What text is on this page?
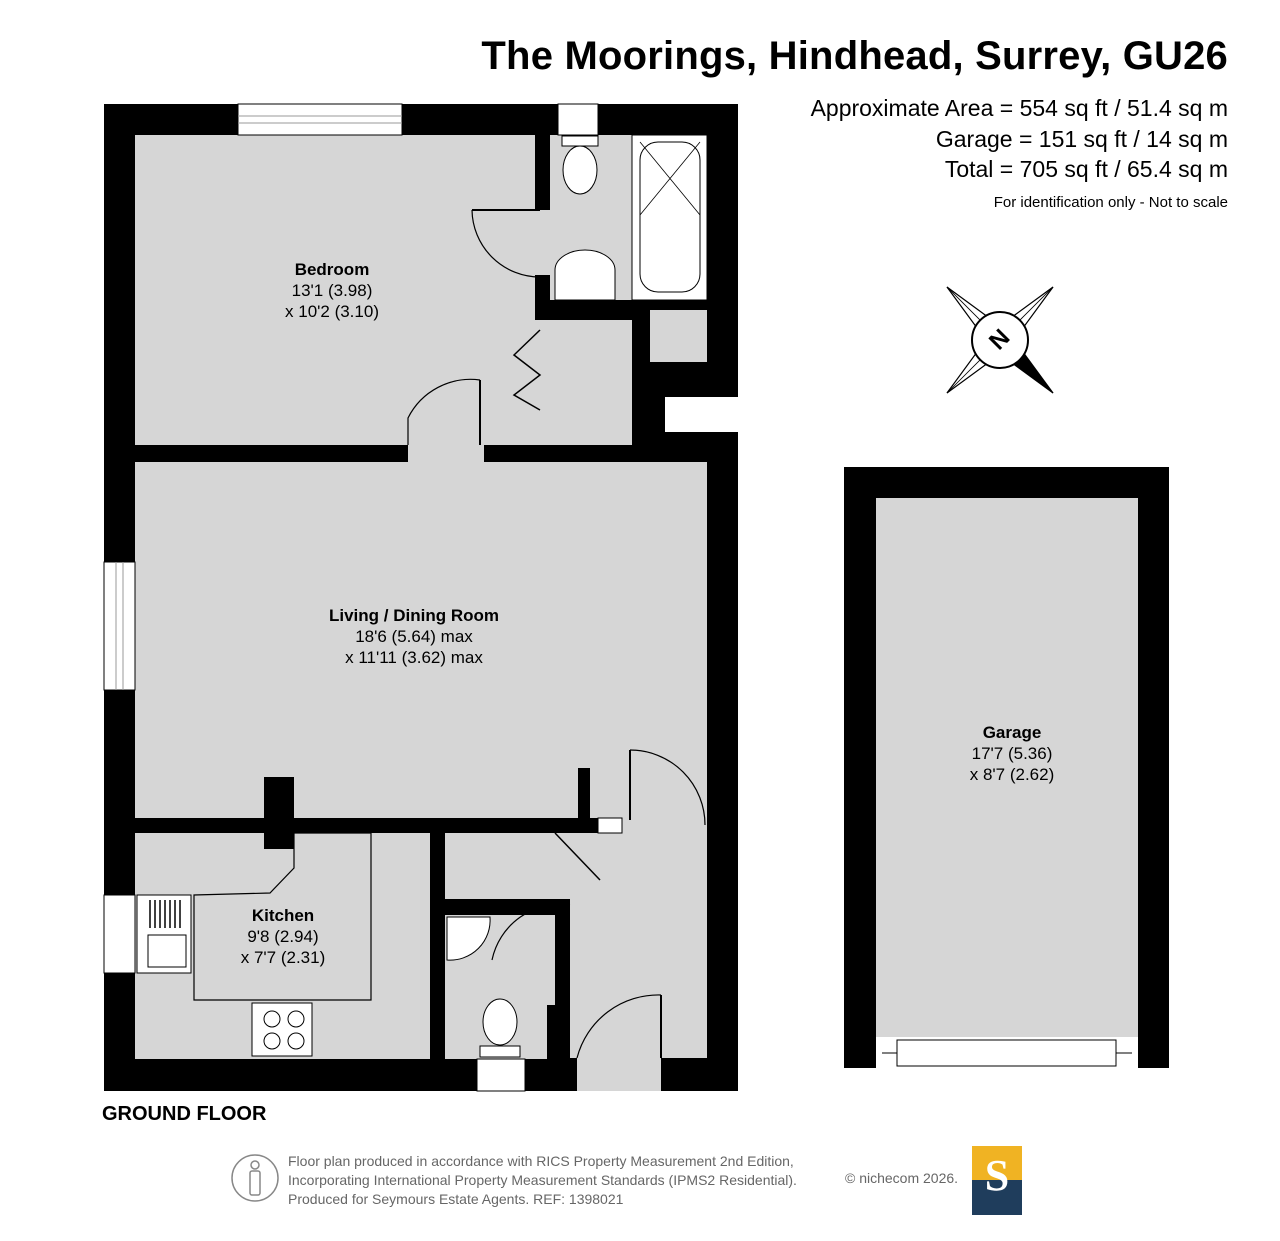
The Moorings, Hindhead, Surrey, GU26
Approximate Area = 554 sq ft / 51.4 sq m
Garage = 151 sq ft / 14 sq m
Total = 705 sq ft / 65.4 sq m
For identification only - Not to scale
N
Bedroom
13'1 (3.98)
x 10'2 (3.10)
Living / Dining Room
18'6 (5.64) max
x 11'11 (3.62) max
Kitchen
9'8 (2.94)
x 7'7 (2.31)
Garage
17'7 (5.36)
x 8'7 (2.62)
GROUND FLOOR
Floor plan produced in accordance with RICS Property Measurement 2nd Edition,
Incorporating International Property Measurement Standards (IPMS2 Residential).
Produced for Seymours Estate Agents. REF: 1398021
© nichecom 2026. S
